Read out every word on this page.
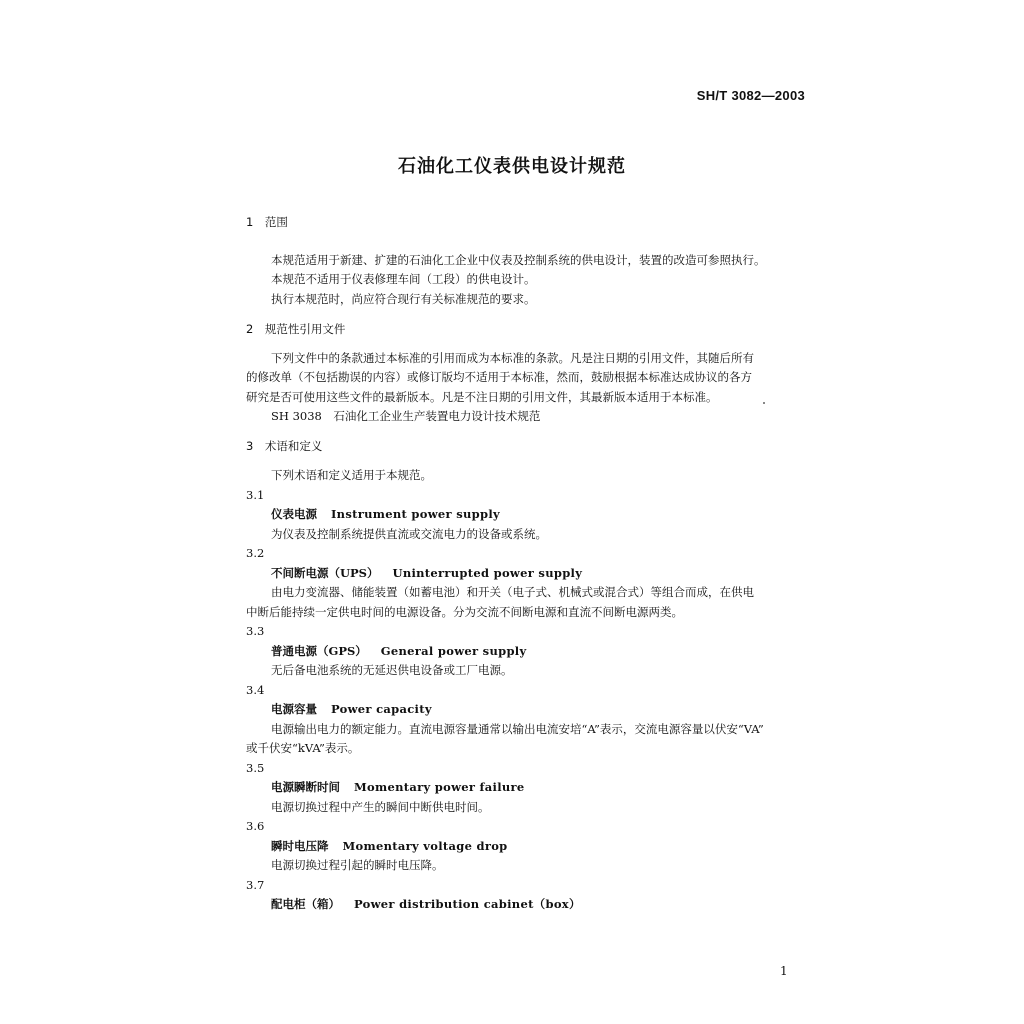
SH/T 3082—2003
石油化工仪表供电设计规范
1　范围
本规范适用于新建、扩建的石油化工企业中仪表及控制系统的供电设计，装置的改造可参照执行。
本规范不适用于仪表修理车间（工段）的供电设计。
执行本规范时，尚应符合现行有关标准规范的要求。
2　规范性引用文件
下列文件中的条款通过本标准的引用而成为本标准的条款。凡是注日期的引用文件，其随后所有
的修改单（不包括勘误的内容）或修订版均不适用于本标准，然而，鼓励根据本标准达成协议的各方
研究是否可使用这些文件的最新版本。凡是不注日期的引用文件，其最新版本适用于本标准。
SH 3038　石油化工企业生产装置电力设计技术规范
3　术语和定义
下列术语和定义适用于本规范。
3.1
仪表电源 Instrument power supply
为仪表及控制系统提供直流或交流电力的设备或系统。
3.2
不间断电源（UPS） Uninterrupted power supply
由电力变流器、储能装置（如蓄电池）和开关（电子式、机械式或混合式）等组合而成，在供电
中断后能持续一定供电时间的电源设备。分为交流不间断电源和直流不间断电源两类。
3.3
普通电源（GPS） General power supply
无后备电池系统的无延迟供电设备或工厂电源。
3.4
电源容量 Power capacity
电源输出电力的额定能力。直流电源容量通常以输出电流安培“A”表示，交流电源容量以伏安“VA”
或千伏安“kVA”表示。
3.5
电源瞬断时间 Momentary power failure
电源切换过程中产生的瞬间中断供电时间。
3.6
瞬时电压降 Momentary voltage drop
电源切换过程引起的瞬时电压降。
3.7
配电柜（箱） Power distribution cabinet（box）
1
